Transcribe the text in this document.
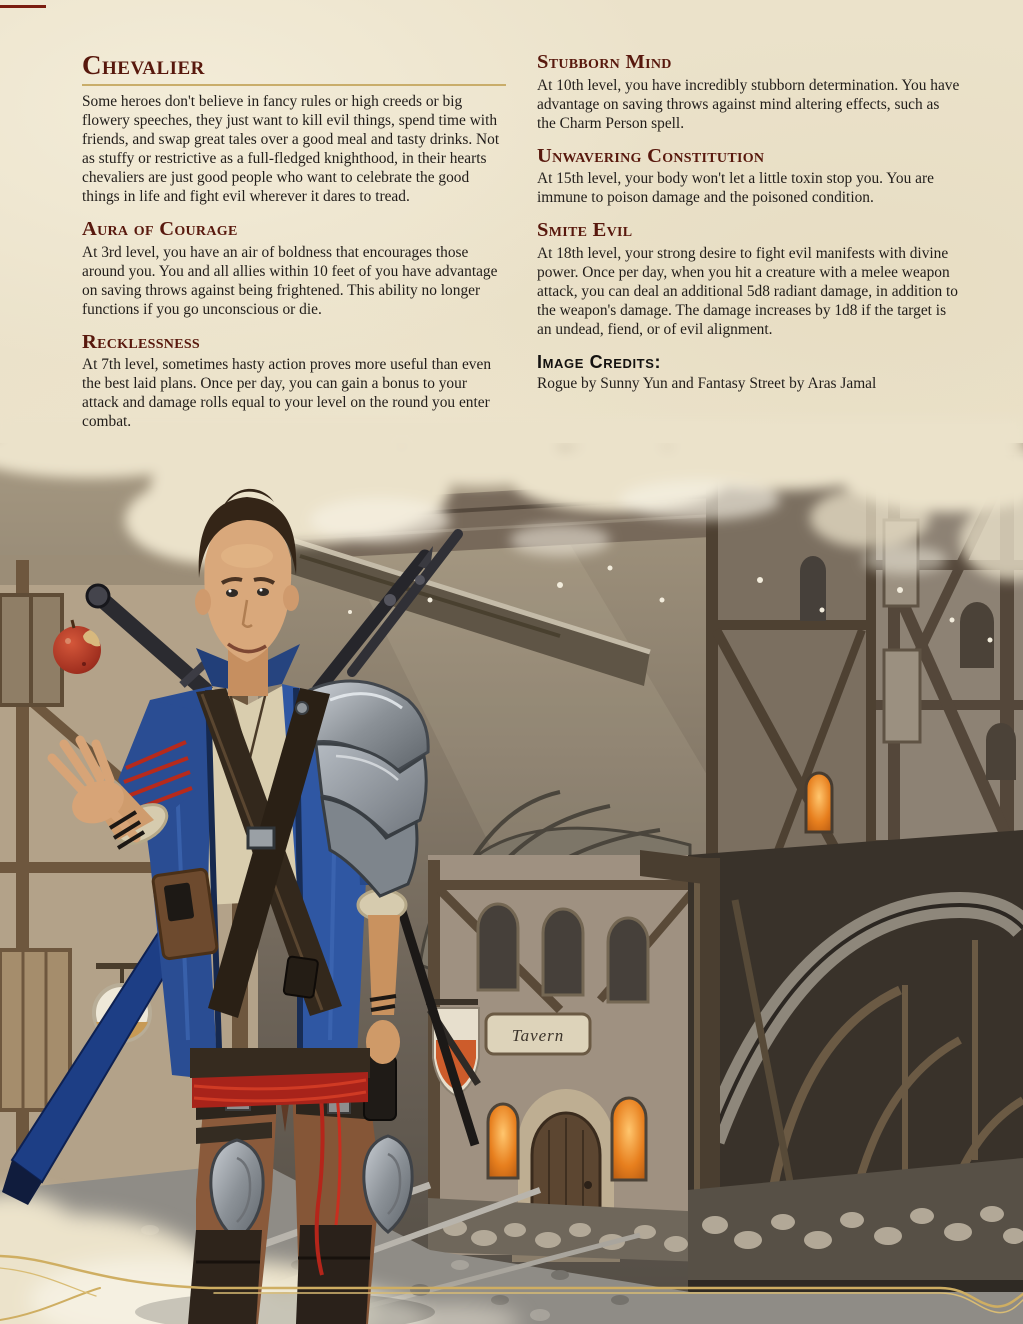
Tavern
Chevalier

Some heroes don't believe in fancy rules or high creeds or big flowery speeches, they just want to kill evil things, spend time with friends, and swap great tales over a good meal and tasty drinks. Not as stuffy or restrictive as a full-fledged knighthood, in their hearts chevaliers are just good people who want to celebrate the good things in life and fight evil wherever it dares to tread.

Aura of Courage

At 3rd level, you have an air of boldness that encourages those around you. You and all allies within 10 feet of you have advantage on saving throws against being frightened. This ability no longer functions if you go unconscious or die.

Recklessness

At 7th level, sometimes hasty action proves more useful than even the best laid plans. Once per day, you can gain a bonus to your attack and damage rolls equal to your level on the round you enter combat.

Stubborn Mind

At 10th level, you have incredibly stubborn determination. You have advantage on saving throws against mind altering effects, such as the Charm Person spell.

Unwavering Constitution

At 15th level, your body won't let a little toxin stop you. You are immune to poison damage and the poisoned condition.

Smite Evil

At 18th level, your strong desire to fight evil manifests with divine power. Once per day, when you hit a creature with a melee weapon attack, you can deal an additional 5d8 radiant damage, in addition to the weapon's damage. The damage increases by 1d8 if the target is an undead, fiend, or of evil alignment.

Image Credits:

Rogue by Sunny Yun and Fantasy Street by Aras Jamal
